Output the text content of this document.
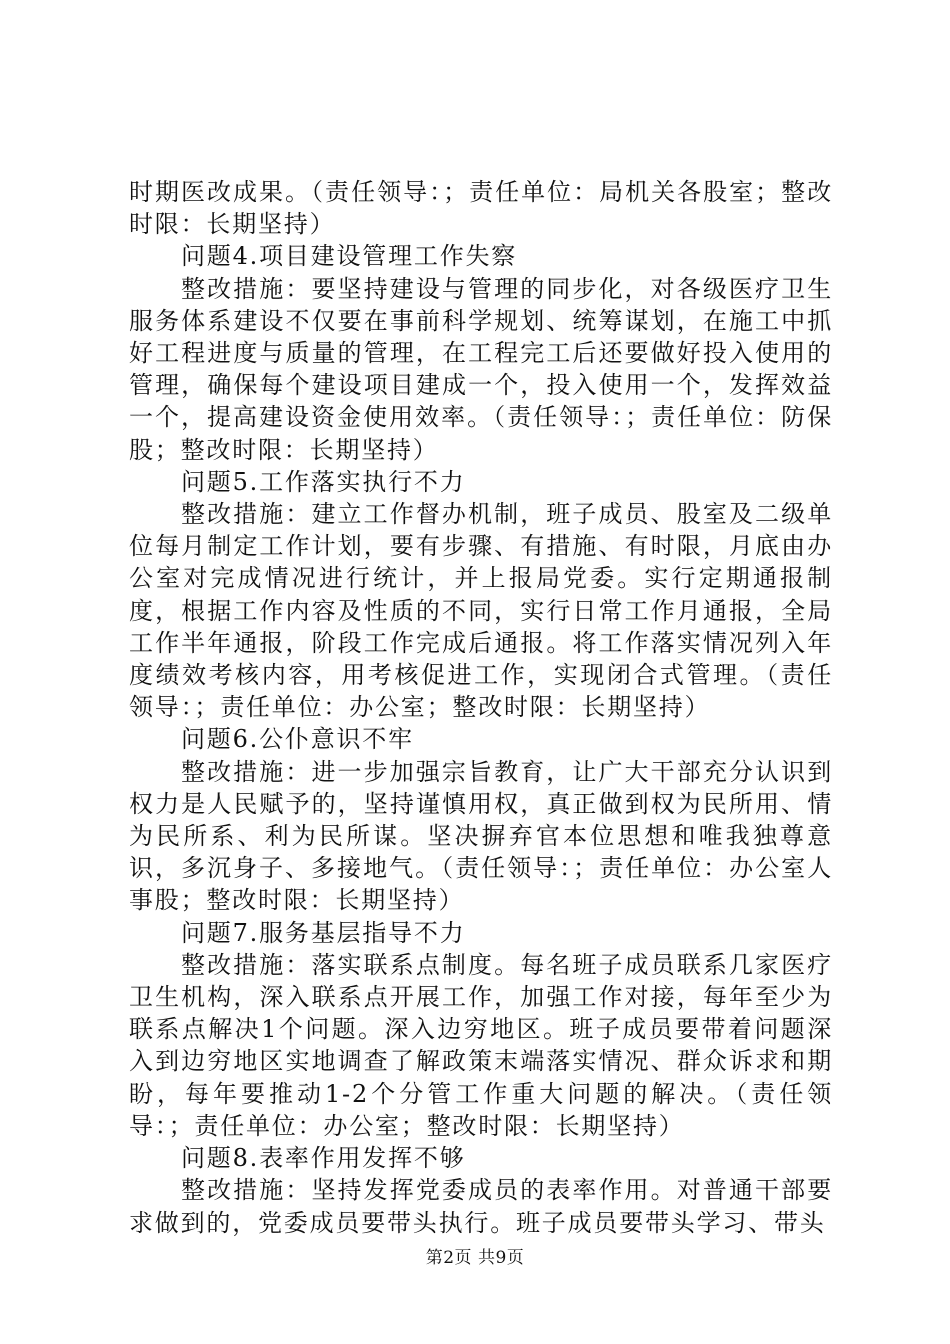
时期医改成果。（责任领导：；责任单位：局机关各股室；整改时限：长期坚持）

问题4.项目建设管理工作失察

整改措施：要坚持建设与管理的同步化，对各级医疗卫生服务体系建设不仅要在事前科学规划、统筹谋划，在施工中抓好工程进度与质量的管理，在工程完工后还要做好投入使用的管理，确保每个建设项目建成一个，投入使用一个，发挥效益一个，提高建设资金使用效率。（责任领导：；责任单位：防保股；整改时限：长期坚持）

问题5.工作落实执行不力

整改措施：建立工作督办机制，班子成员、股室及二级单位每月制定工作计划，要有步骤、有措施、有时限，月底由办公室对完成情况进行统计，并上报局党委。实行定期通报制度，根据工作内容及性质的不同，实行日常工作月通报，全局工作半年通报，阶段工作完成后通报。将工作落实情况列入年度绩效考核内容，用考核促进工作，实现闭合式管理。（责任领导：；责任单位：办公室；整改时限：长期坚持）

问题6.公仆意识不牢

整改措施：进一步加强宗旨教育，让广大干部充分认识到权力是人民赋予的，坚持谨慎用权，真正做到权为民所用、情为民所系、利为民所谋。坚决摒弃官本位思想和唯我独尊意识，多沉身子、多接地气。（责任领导：；责任单位：办公室人事股；整改时限：长期坚持）

问题7.服务基层指导不力

整改措施：落实联系点制度。每名班子成员联系几家医疗卫生机构，深入联系点开展工作，加强工作对接，每年至少为联系点解决1个问题。深入边穷地区。班子成员要带着问题深入到边穷地区实地调查了解政策末端落实情况、群众诉求和期盼，每年要推动1-2个分管工作重大问题的解决。（责任领导：；责任单位：办公室；整改时限：长期坚持）

问题8.表率作用发挥不够

整改措施：坚持发挥党委成员的表率作用。对普通干部要求做到的，党委成员要带头执行。班子成员要带头学习、带头

第2页 共9页
